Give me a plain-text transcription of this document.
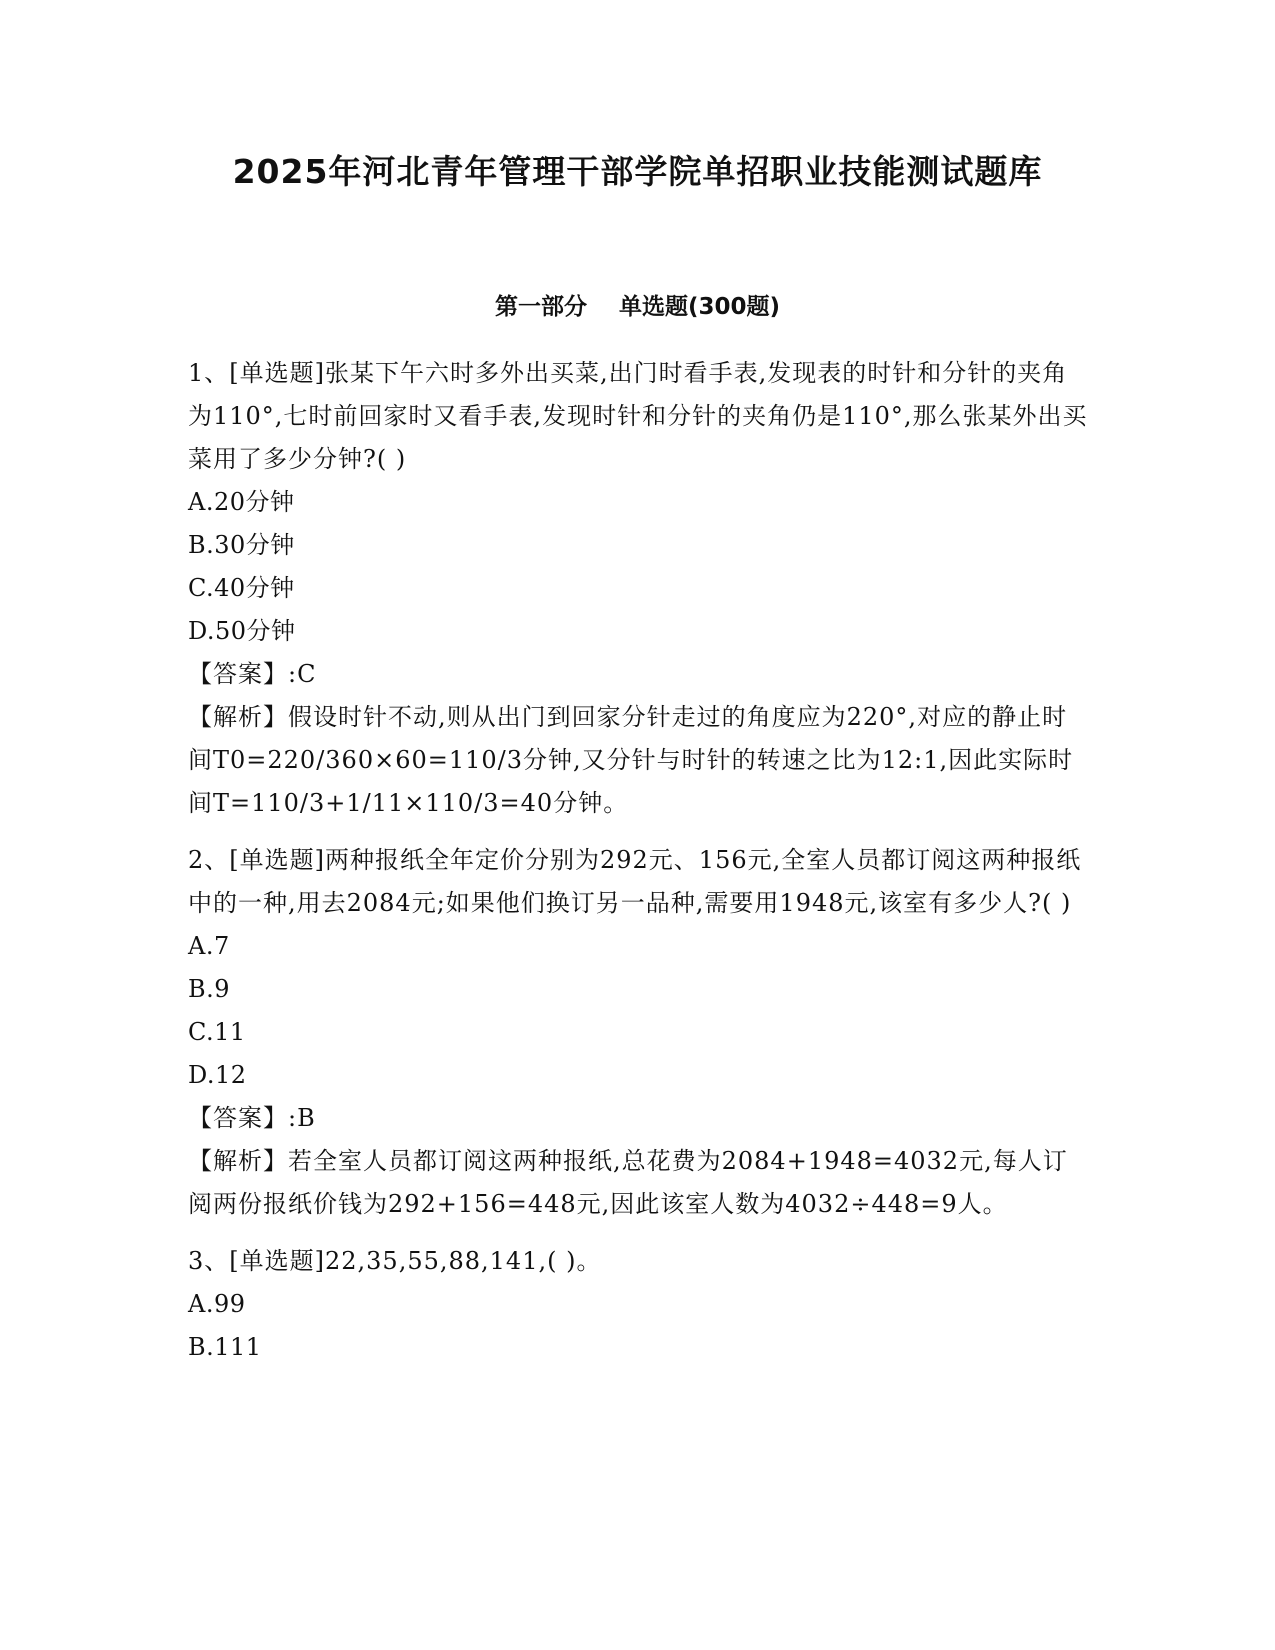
2025年河北青年管理干部学院单招职业技能测试题库
第一部分 单选题(300题)
1、[单选题]张某下午六时多外出买菜,出门时看手表,发现表的时针和分针的夹角为110°,七时前回家时又看手表,发现时针和分针的夹角仍是110°,那么张某外出买菜用了多少分钟?( )
A.20分钟
B.30分钟
C.40分钟
D.50分钟
【答案】:C
【解析】假设时针不动,则从出门到回家分针走过的角度应为220°,对应的静止时间T0=220/360×60=110/3分钟,又分针与时针的转速之比为12:1,因此实际时间T=110/3+1/11×110/3=40分钟。
2、[单选题]两种报纸全年定价分别为292元、156元,全室人员都订阅这两种报纸中的一种,用去2084元;如果他们换订另一品种,需要用1948元,该室有多少人?( )
A.7
B.9
C.11
D.12
【答案】:B
【解析】若全室人员都订阅这两种报纸,总花费为2084+1948=4032元,每人订阅两份报纸价钱为292+156=448元,因此该室人数为4032÷448=9人。
3、[单选题]22,35,55,88,141,( )。
A.99
B.111
